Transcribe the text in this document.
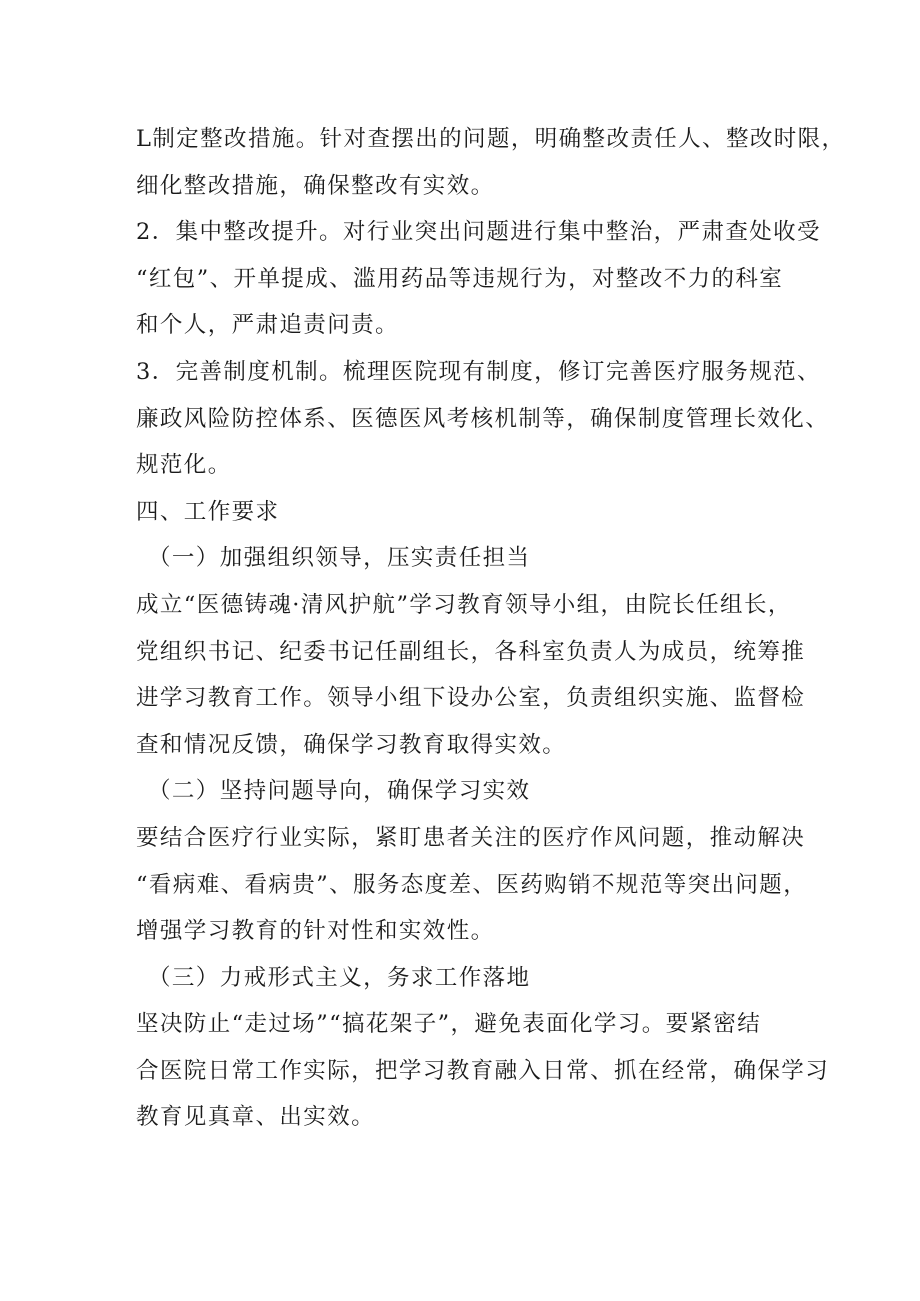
L制定整改措施。针对查摆出的问题，明确整改责任人、整改时限，
细化整改措施，确保整改有实效。
2．集中整改提升。对行业突出问题进行集中整治，严肃查处收受
“红包”、开单提成、滥用药品等违规行为，对整改不力的科室
和个人，严肃追责问责。
3．完善制度机制。梳理医院现有制度，修订完善医疗服务规范、
廉政风险防控体系、医德医风考核机制等，确保制度管理长效化、
规范化。
四、工作要求
（一）加强组织领导，压实责任担当
成立“医德铸魂·清风护航”学习教育领导小组，由院长任组长，
党组织书记、纪委书记任副组长，各科室负责人为成员，统筹推
进学习教育工作。领导小组下设办公室，负责组织实施、监督检
查和情况反馈，确保学习教育取得实效。
（二）坚持问题导向，确保学习实效
要结合医疗行业实际，紧盯患者关注的医疗作风问题，推动解决
“看病难、看病贵”、服务态度差、医药购销不规范等突出问题，
增强学习教育的针对性和实效性。
（三）力戒形式主义，务求工作落地
坚决防止“走过场”“搞花架子”，避免表面化学习。要紧密结
合医院日常工作实际，把学习教育融入日常、抓在经常，确保学习
教育见真章、出实效。
